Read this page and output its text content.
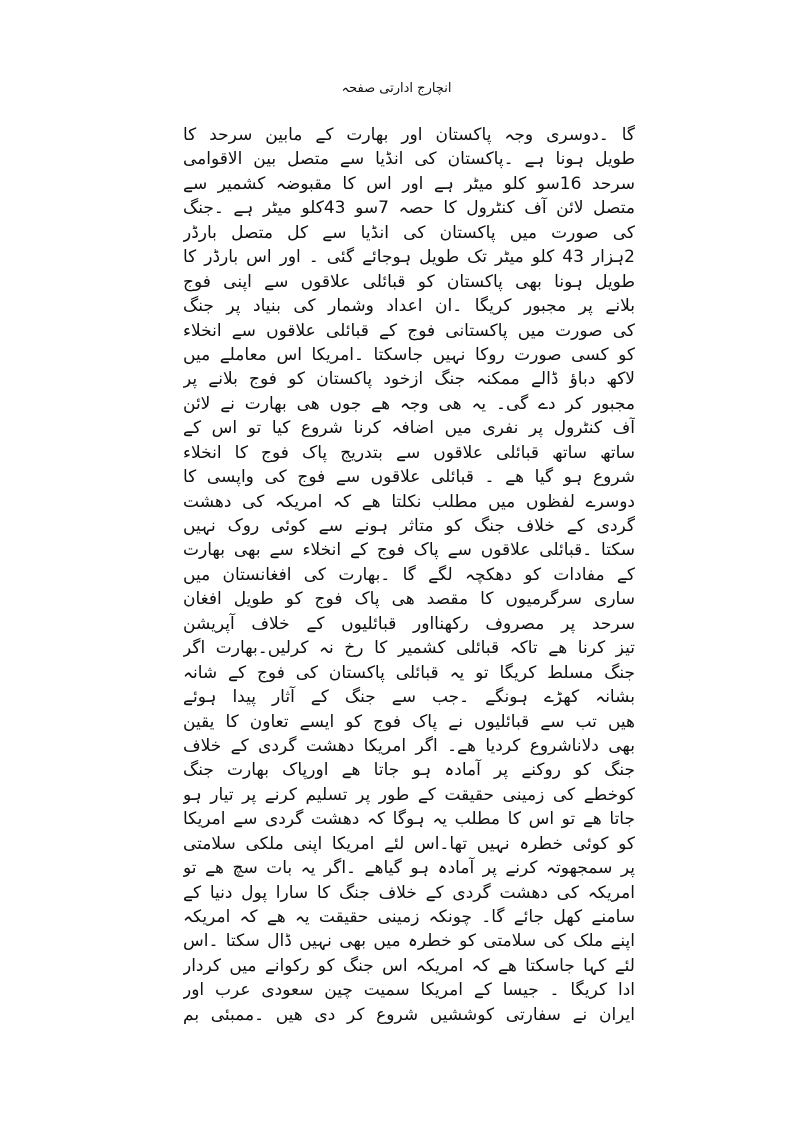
انچارج ادارتی صفحہ
گا ۔دوسری وجہ پاکستان اور بھارت کے مابین سرحد کا
طویل ہونا ہے ۔پاکستان کی انڈیا سے متصل بین الاقوامی
سرحد 16سو کلو میٹر ہے اور اس کا مقبوضہ کشمیر سے
متصل لائن آف کنٹرول کا حصہ 7سو 43کلو میٹر ہے ۔جنگ
کی صورت میں پاکستان کی انڈیا سے کل متصل بارڈر
2ہزار 43 کلو میٹر تک طویل ہوجائے گئی ۔ اور اس بارڈر کا
طویل ہونا بھی پاکستان کو قبائلی علاقوں سے اپنی فوج
بلانے پر مجبور کریگا ۔ان اعداد وشمار کی بنیاد پر جنگ
کی صورت میں پاکستانی فوج کے قبائلی علاقوں سے انخلاء
کو کسی صورت روکا نہیں جاسکتا ۔امریکا اس معاملے میں
لاکھ دباؤ ڈالے ممکنہ جنگ ازخود پاکستان کو فوج بلانے پر
مجبور کر دے گی۔ یہ ھی وجہ ھے جوں ھی بھارت نے لائن
آف کنٹرول پر نفری میں اضافہ کرنا شروع کیا تو اس کے
ساتھ ساتھ قبائلی علاقوں سے بتدریج پاک فوج کا انخلاء
شروع ہو گیا ھے ۔ قبائلی علاقوں سے فوج کی واپسی کا
دوسرے لفظوں میں مطلب نکلتا ھے کہ امریکہ کی دھشت
گردی کے خلاف جنگ کو متاثر ہونے سے کوئی روک نہیں
سکتا ۔قبائلی علاقوں سے پاک فوج کے انخلاء سے بھی بھارت
کے مفادات کو دھکچہ لگے گا ۔بھارت کی افغانستان میں
ساری سرگرمیوں کا مقصد ھی پاک فوج کو طویل افغان
سرحد پر مصروف رکھنااور قبائلیوں کے خلاف آپریشن
تیز کرنا ھے تاکہ قبائلی کشمیر کا رخ نہ کرلیں۔بھارت اگر
جنگ مسلط کریگا تو یہ قبائلی پاکستان کی فوج کے شانہ
بشانہ کھڑے ہونگے ۔جب سے جنگ کے آثار پیدا ہوئے
ھیں تب سے قبائلیوں نے پاک فوج کو ایسے تعاون کا یقین
بھی دلاناشروع کردیا ھے۔ اگر امریکا دھشت گردی کے خلاف
جنگ کو روکنے پر آمادہ ہو جاتا ھے اورپاک بھارت جنگ
کوخطے کی زمینی حقیقت کے طور پر تسلیم کرنے پر تیار ہو
جاتا ھے تو اس کا مطلب یہ ہوگا کہ دھشت گردی سے امریکا
کو کوئی خطرہ نہیں تھا۔اس لئے امریکا اپنی ملکی سلامتی
پر سمجھوتہ کرنے پر آمادہ ہو گیاھے ۔اگر یہ بات سچ ھے تو
امریکہ کی دھشت گردی کے خلاف جنگ کا سارا پول دنیا کے
سامنے کھل جائے گا۔ چونکہ زمینی حقیقت یہ ھے کہ امریکہ
اپنے ملک کی سلامتی کو خطرہ میں بھی نہیں ڈال سکتا ۔اس
لئے کہا جاسکتا ھے کہ امریکہ اس جنگ کو رکوانے میں کردار
ادا کریگا ۔ جیسا کے امریکا سمیت چین سعودی عرب اور
ایران نے سفارتی کوششیں شروع کر دی ھیں ۔ممبئی بم
